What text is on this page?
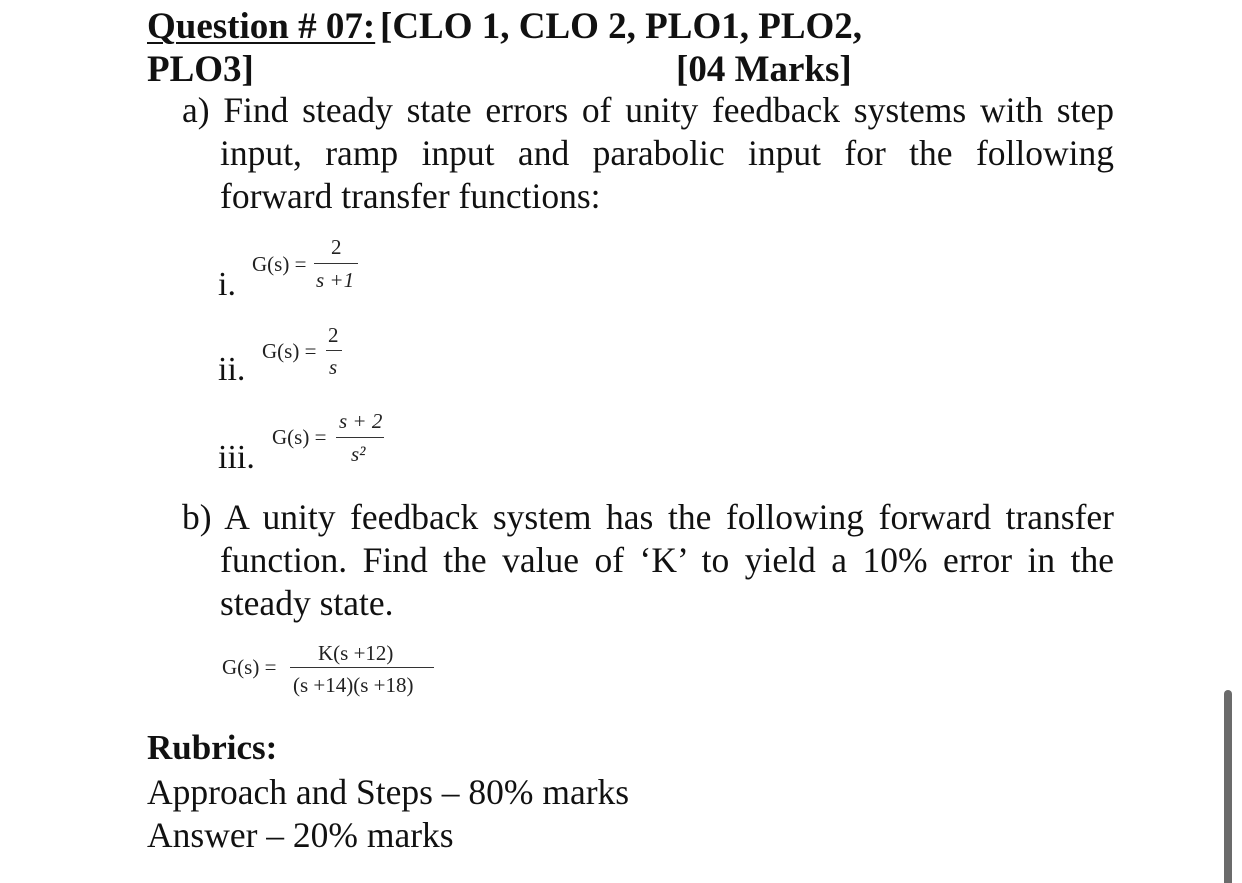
Question # 07: [CLO 1, CLO 2, PLO1, PLO2,
PLO3]	[04 Marks]
a) Find steady state errors of unity feedback systems with step
input, ramp input and parabolic input for the following
forward transfer functions:
i.
G(s) =
2
s +1
ii. G(s) =
2
s
iii.
G(s) =
s + 2
s²
b) A unity feedback system has the following forward transfer
function. Find the value of ‘K’ to yield a 10% error in the
steady state.
G(s) =
K(s +12)
(s +14)(s +18)
Rubrics:
Approach and Steps – 80% marks
Answer – 20% marks
